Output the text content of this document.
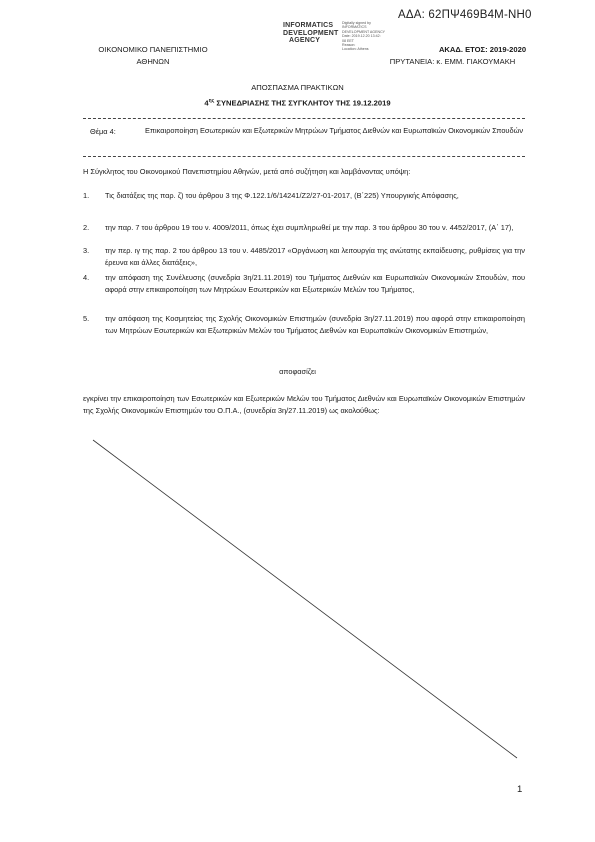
ΑΔΑ: 62ΠΨ469Β4Μ-ΝΗ0
INFORMATICS
DEVELOPMENT
AGENCY
Digitally signed by
INFORMATICS
DEVELOPMENT AGENCY
Date: 2019.12.20 13:42:
08 EET
Reason:
Location: Athens
ΟΙΚΟΝΟΜΙΚΟ ΠΑΝΕΠΙΣΤΗΜΙΟ
ΑΘΗΝΩΝ
ΑΚΑΔ. ΕΤΟΣ: 2019-2020
ΠΡΥΤΑΝΕΙΑ: κ. ΕΜΜ. ΓΙΑΚΟΥΜΑΚΗ
ΑΠΟΣΠΑΣΜΑ ΠΡΑΚΤΙΚΩΝ
$4^{\eta\varsigma}$ ΣΥΝΕΔΡΙΑΣΗΣ ΤΗΣ ΣΥΓΚΛΗΤΟΥ ΤΗΣ 19.12.2019
Θέμα 4:	Επικαιροποίηση Εσωτερικών και Εξωτερικών Μητρώων Τμήματος Διεθνών και Ευρωπαϊκών Οικονομικών Σπουδών
Η Σύγκλητος του Οικονομικού Πανεπιστημίου Αθηνών, μετά από συζήτηση και λαμβάνοντας υπόψη:
1. Τις διατάξεις της παρ. ζ) του άρθρου 3 της Φ.122.1/6/14241/Ζ2/27-01-2017, (Β΄225) Υπουργικής Απόφασης,
2. την παρ. 7 του άρθρου 19 του ν. 4009/2011, όπως έχει συμπληρωθεί με την παρ. 3 του άρθρου 30 του ν. 4452/2017, (Α΄ 17),
3. την περ. ιγ της παρ. 2 του άρθρου 13 του ν. 4485/2017 «Οργάνωση και λειτουργία της ανώτατης εκπαίδευσης, ρυθμίσεις για την έρευνα και άλλες διατάξεις»,
4. την απόφαση της Συνέλευσης (συνεδρία 3η/21.11.2019) του Τμήματος Διεθνών και Ευρωπαϊκών Οικονομικών Σπουδών, που αφορά στην επικαιροποίηση των Μητρώων Εσωτερικών και Εξωτερικών Μελών του Τμήματος,
5. την απόφαση της Κοσμητείας της Σχολής Οικονομικών Επιστημών (συνεδρία 3η/27.11.2019) που αφορά στην επικαιροποίηση των Μητρώων Εσωτερικών και Εξωτερικών Μελών του Τμήματος Διεθνών και Ευρωπαϊκών Οικονομικών Επιστημών,
αποφασίζει
εγκρίνει την επικαιροποίηση των Εσωτερικών και Εξωτερικών Μελών του Τμήματος Διεθνών και Ευρωπαϊκών Οικονομικών Επιστημών της Σχολής Οικονομικών Επιστημών του Ο.Π.Α., (συνεδρία 3η/27.11.2019) ως ακολούθως:
1
